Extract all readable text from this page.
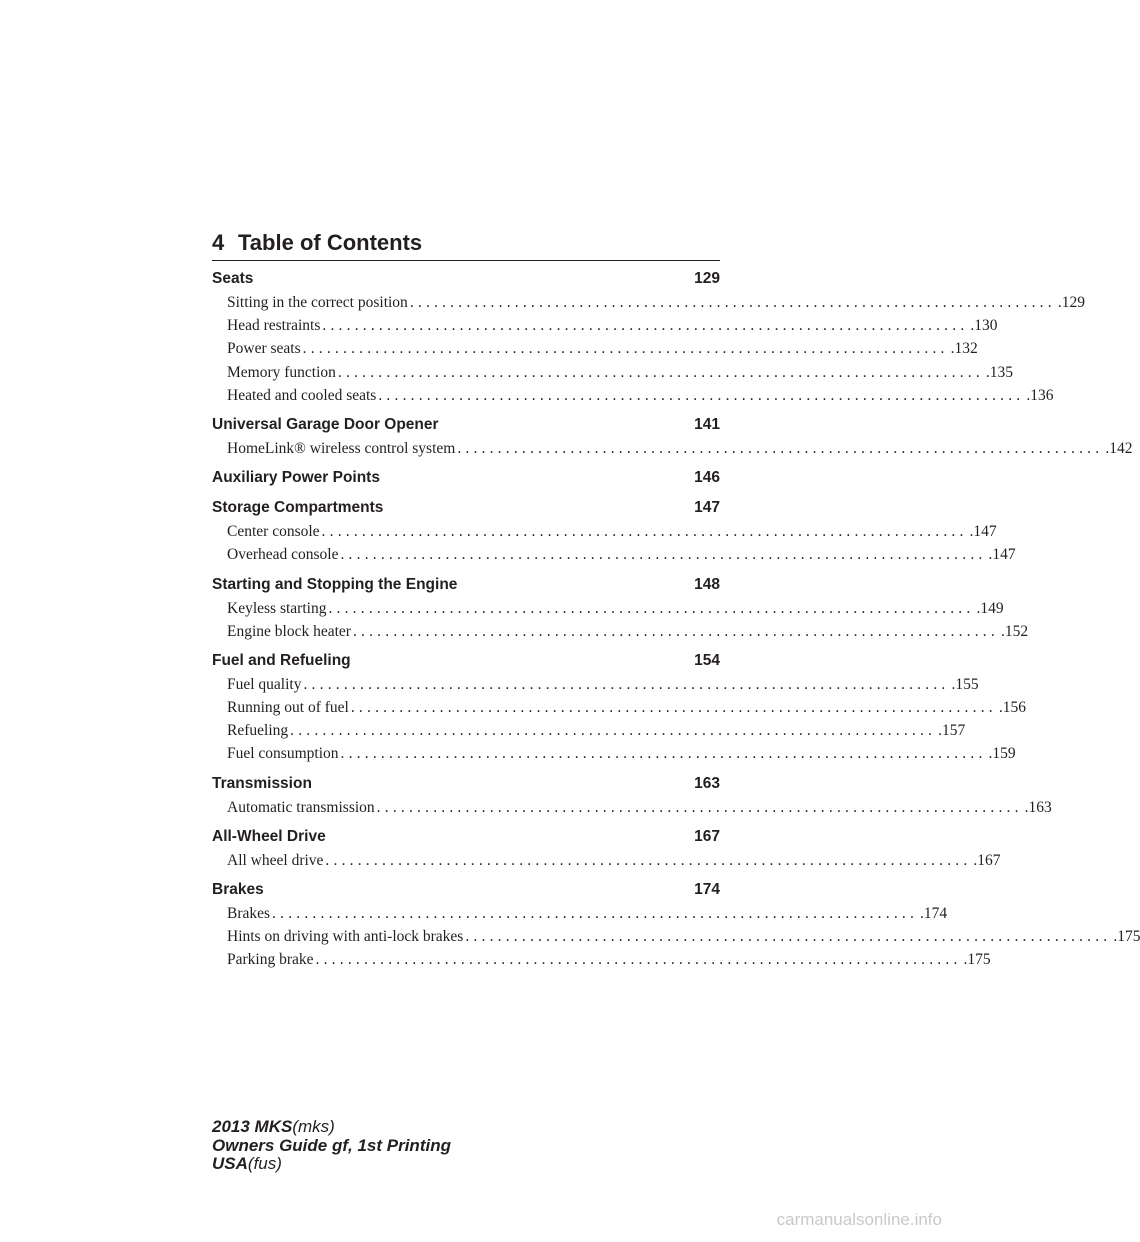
4 Table of Contents
Seats	129
Sitting in the correct position ................................................................................ .129
Head restraints ................................................................................ .130
Power seats ................................................................................ .132
Memory function ................................................................................ .135
Heated and cooled seats ................................................................................ .136
Universal Garage Door Opener	141
HomeLink® wireless control system ................................................................................ .142
Auxiliary Power Points	146
Storage Compartments	147
Center console ................................................................................ .147
Overhead console ................................................................................ .147
Starting and Stopping the Engine	148
Keyless starting ................................................................................ .149
Engine block heater ................................................................................ .152
Fuel and Refueling	154
Fuel quality ................................................................................ .155
Running out of fuel ................................................................................ .156
Refueling ................................................................................ .157
Fuel consumption ................................................................................ .159
Transmission	163
Automatic transmission ................................................................................ .163
All-Wheel Drive	167
All wheel drive ................................................................................ .167
Brakes	174
Brakes ................................................................................ .174
Hints on driving with anti-lock brakes ................................................................................ .175
Parking brake ................................................................................ .175
2013 MKS(mks)
Owners Guide gf, 1st Printing
USA(fus)
carmanualsonline.info
